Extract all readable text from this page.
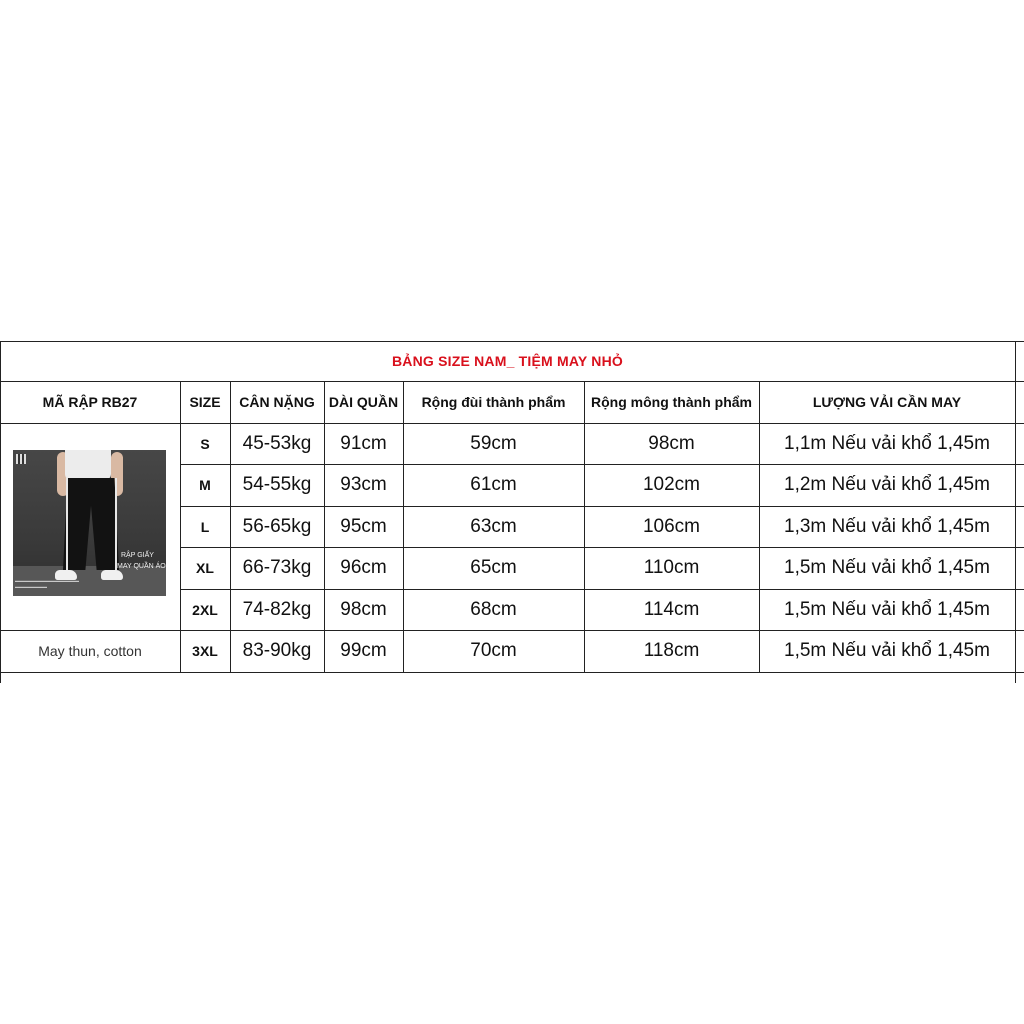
BẢNG SIZE NAM_ TIỆM MAY NHỎ
MÃ RẬP RB27	SIZE	CÂN NẶNG	DÀI QUẦN	Rộng đùi thành phẩm	Rộng mông thành phẩm	LƯỢNG VẢI CẦN MAY
RẬP GIẤY
MAY QUẦN ÁO
▬▬▬▬▬▬▬▬▬▬▬▬▬▬▬▬
▬▬▬▬▬▬▬▬
May thun, cotton
S	45-53kg	91cm	59cm	98cm	1,1m Nếu vải khổ 1,45m
M	54-55kg	93cm	61cm	102cm	1,2m Nếu vải khổ 1,45m
L	56-65kg	95cm	63cm	106cm	1,3m Nếu vải khổ 1,45m
XL	66-73kg	96cm	65cm	110cm	1,5m Nếu vải khổ 1,45m
2XL	74-82kg	98cm	68cm	114cm	1,5m Nếu vải khổ 1,45m
3XL	83-90kg	99cm	70cm	118cm	1,5m Nếu vải khổ 1,45m
